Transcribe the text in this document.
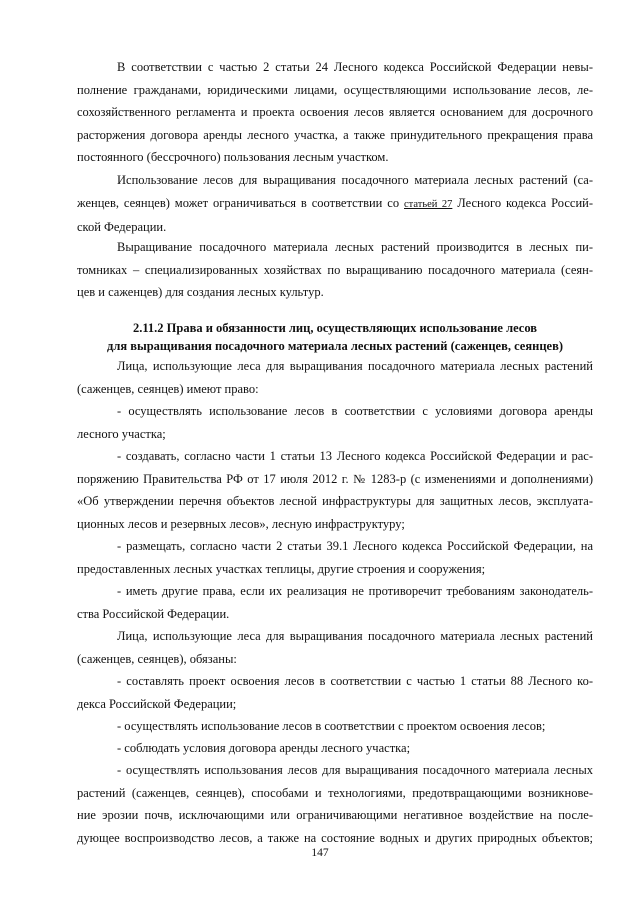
В соответствии с частью 2 статьи 24 Лесного кодекса Российской Федерации невы-
полнение гражданами, юридическими лицами, осуществляющими использование лесов, ле-
сохозяйственного регламента и проекта освоения лесов является основанием для досрочного
расторжения договора аренды лесного участка, а также принудительного прекращения права
постоянного (бессрочного) пользования лесным участком.

Использование лесов для выращивания посадочного материала лесных растений (са-
женцев, сеянцев) может ограничиваться в соответствии со статьей 27 Лесного кодекса Россий-
ской Федерации.

Выращивание посадочного материала лесных растений производится в лесных пи-
томниках – специализированных хозяйствах по выращиванию посадочного материала (сеян-
цев и саженцев) для создания лесных культур.

2.11.2 Права и обязанности лиц, осуществляющих использование лесов
для выращивания посадочного материала лесных растений (саженцев, сеянцев)

Лица, использующие леса для выращивания посадочного материала лесных растений
(саженцев, сеянцев) имеют право:

- осуществлять использование лесов в соответствии с условиями договора аренды
лесного участка;

- создавать, согласно части 1 статьи 13 Лесного кодекса Российской Федерации и рас-
поряжению Правительства РФ от 17 июля 2012 г. № 1283-р (с изменениями и дополнениями)
«Об утверждении перечня объектов лесной инфраструктуры для защитных лесов, эксплуата-
ционных лесов и резервных лесов», лесную инфраструктуру;

- размещать, согласно части 2 статьи 39.1 Лесного кодекса Российской Федерации, на
предоставленных лесных участках теплицы, другие строения и сооружения;

- иметь другие права, если их реализация не противоречит требованиям законодатель-
ства Российской Федерации.

Лица, использующие леса для выращивания посадочного материала лесных растений
(саженцев, сеянцев), обязаны:

- составлять проект освоения лесов в соответствии с частью 1 статьи 88 Лесного ко-
декса Российской Федерации;

- осуществлять использование лесов в соответствии с проектом освоения лесов;

- соблюдать условия договора аренды лесного участка;

- осуществлять использования лесов для выращивания посадочного материала лесных
растений (саженцев, сеянцев), способами и технологиями, предотвращающими возникнове-
ние эрозии почв, исключающими или ограничивающими негативное воздействие на после-
дующее воспроизводство лесов, а также на состояние водных и других природных объектов;

147
